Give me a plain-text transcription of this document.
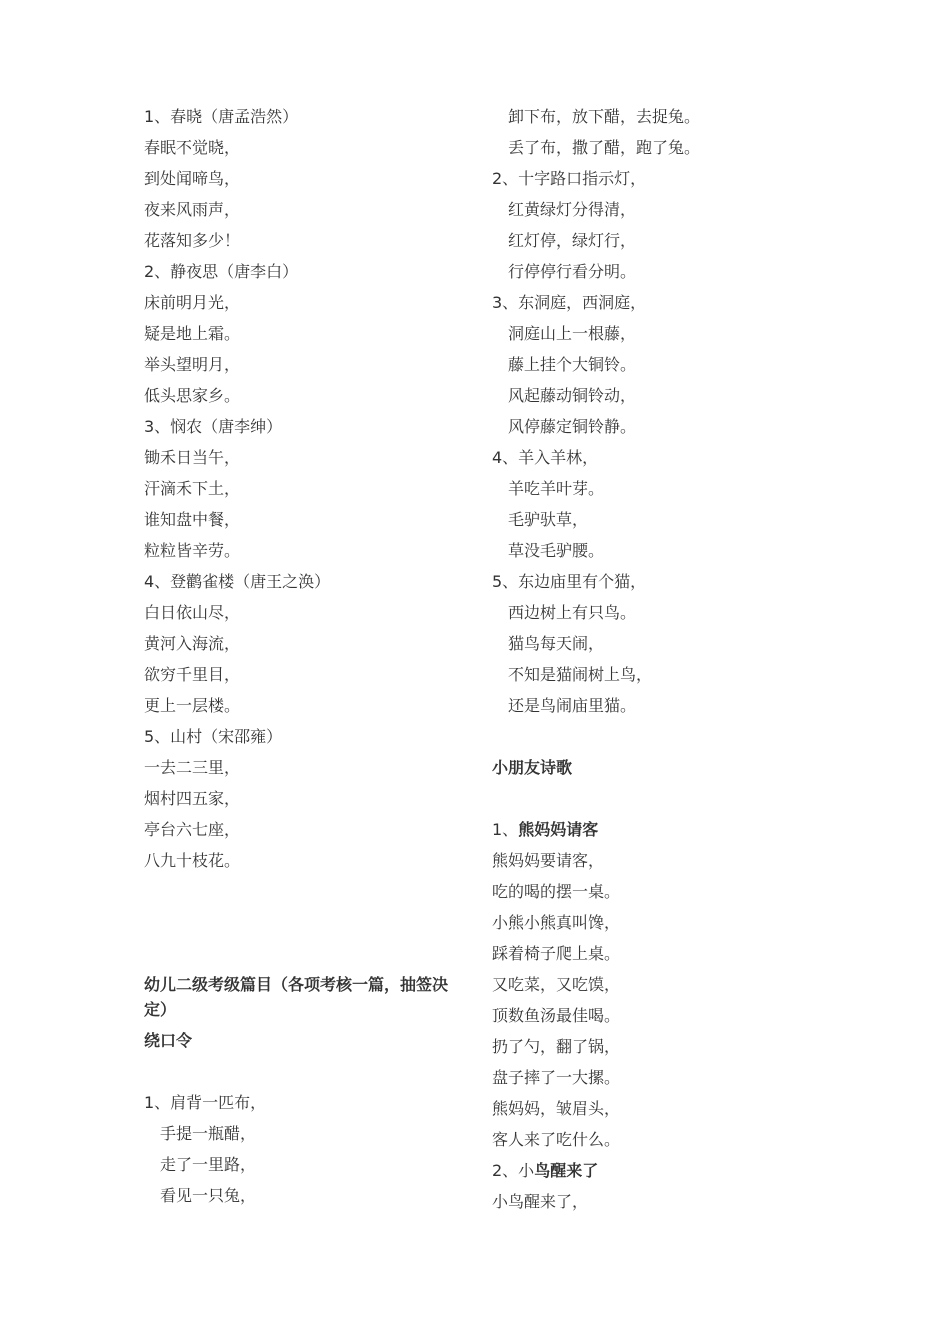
1、春晓（唐孟浩然）
春眠不觉晓，
到处闻啼鸟，
夜来风雨声，
花落知多少！
2、静夜思（唐李白）
床前明月光，
疑是地上霜。
举头望明月，
低头思家乡。
3、悯农（唐李绅）
锄禾日当午，
汗滴禾下土，
谁知盘中餐，
粒粒皆辛劳。
4、登鹳雀楼（唐王之涣）
白日依山尽，
黄河入海流，
欲穷千里目，
更上一层楼。
5、山村（宋邵雍）
一去二三里，
烟村四五家，
亭台六七座，
八九十枝花。
幼儿二级考级篇目（各项考核一篇，抽签决定）
绕口令
1、肩背一匹布，
手提一瓶醋，
走了一里路，
看见一只兔，
卸下布，放下醋，去捉兔。
丢了布，撒了醋，跑了兔。
2、十字路口指示灯，
红黄绿灯分得清，
红灯停，绿灯行，
行停停行看分明。
3、东洞庭，西洞庭，
洞庭山上一根藤，
藤上挂个大铜铃。
风起藤动铜铃动，
风停藤定铜铃静。
4、羊入羊林，
羊吃羊叶芽。
毛驴驮草，
草没毛驴腰。
5、东边庙里有个猫，
西边树上有只鸟。
猫鸟每天闹，
不知是猫闹树上鸟，
还是鸟闹庙里猫。
小朋友诗歌
1、熊妈妈请客
熊妈妈要请客，
吃的喝的摆一桌。
小熊小熊真叫馋，
踩着椅子爬上桌。
又吃菜，又吃馍，
顶数鱼汤最佳喝。
扔了勺，翻了锅，
盘子摔了一大摞。
熊妈妈，皱眉头，
客人来了吃什么。
2、小鸟醒来了
小鸟醒来了，
